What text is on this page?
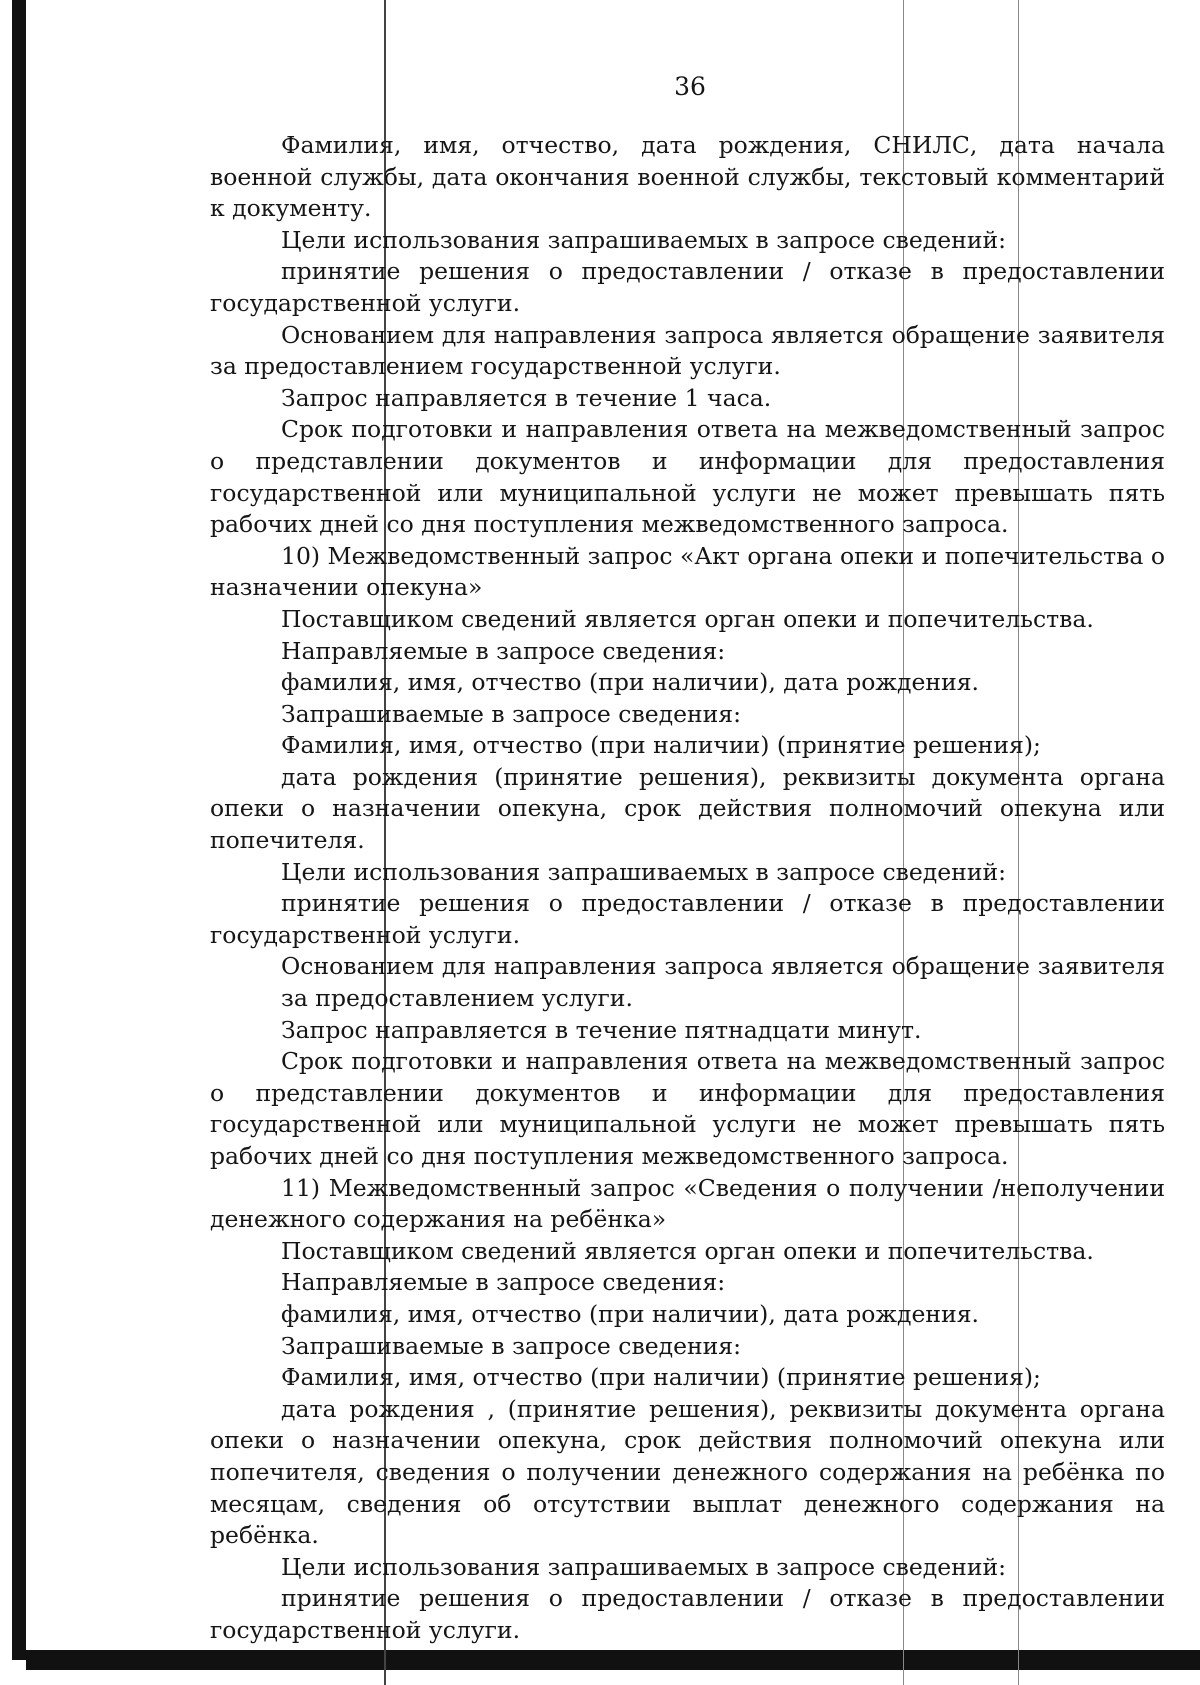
36

Фамилия, имя, отчество, дата рождения, СНИЛС, дата начала военной службы, дата окончания военной службы, текстовый комментарий к документу.

Цели использования запрашиваемых в запросе сведений:

принятие решения о предоставлении / отказе в предоставлении государственной услуги.

Основанием для направления запроса является обращение заявителя за предоставлением государственной услуги.

Запрос направляется в течение 1 часа.

Срок подготовки и направления ответа на межведомственный запрос о представлении документов и информации для предоставления государственной или муниципальной услуги не может превышать пять рабочих дней со дня поступления межведомственного запроса.

10) Межведомственный запрос «Акт органа опеки и попечительства о назначении опекуна»

Поставщиком сведений является орган опеки и попечительства.

Направляемые в запросе сведения:

фамилия, имя, отчество (при наличии), дата рождения.

Запрашиваемые в запросе сведения:

Фамилия, имя, отчество (при наличии) (принятие решения);

дата рождения (принятие решения), реквизиты документа органа опеки о назначении опекуна, срок действия полномочий опекуна или попечителя.

Цели использования запрашиваемых в запросе сведений:

принятие решения о предоставлении / отказе в предоставлении государственной услуги.

Основанием для направления запроса является обращение заявителя за предоставлением услуги.

Запрос направляется в течение пятнадцати минут.

Срок подготовки и направления ответа на межведомственный запрос о представлении документов и информации для предоставления государственной или муниципальной услуги не может превышать пять рабочих дней со дня поступления межведомственного запроса.

11) Межведомственный запрос «Сведения о получении /неполучении денежного содержания на ребёнка»

Поставщиком сведений является орган опеки и попечительства.

Направляемые в запросе сведения:

фамилия, имя, отчество (при наличии), дата рождения.

Запрашиваемые в запросе сведения:

Фамилия, имя, отчество (при наличии) (принятие решения);

дата рождения , (принятие решения), реквизиты документа органа опеки о назначении опекуна, срок действия полномочий опекуна или попечителя, сведения о получении денежного содержания на ребёнка по месяцам, сведения об отсутствии выплат денежного содержания на ребёнка.

Цели использования запрашиваемых в запросе сведений:

принятие решения о предоставлении / отказе в предоставлении государственной услуги.
